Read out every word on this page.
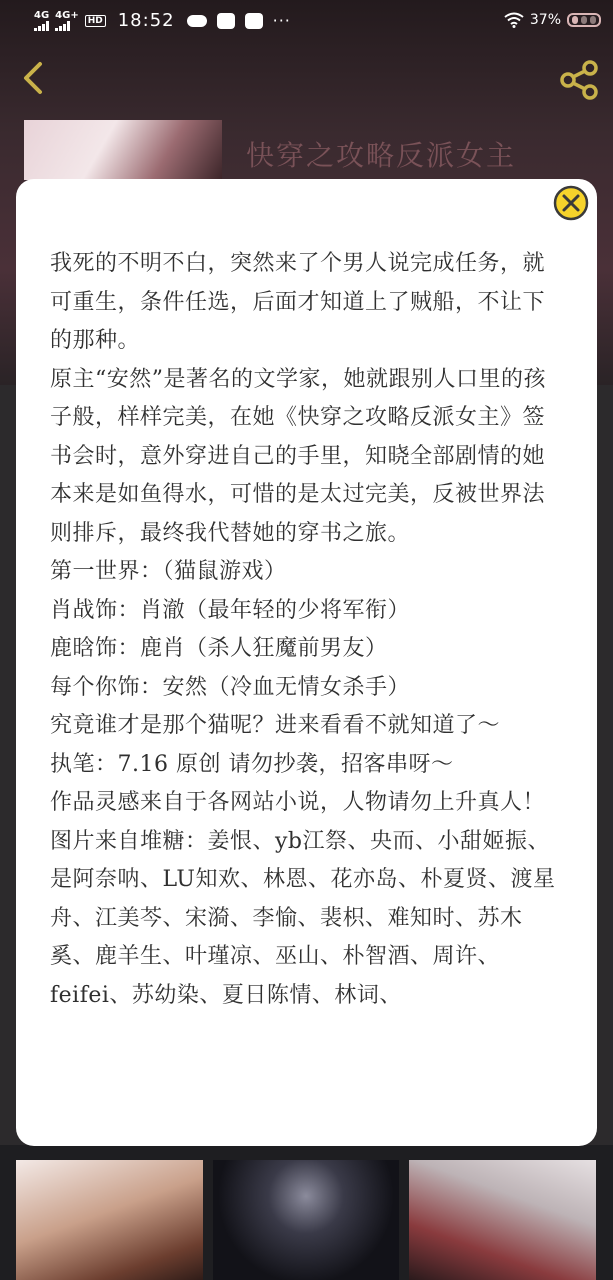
4G 4G+	HD 18:52	···	37%
快穿之攻略反派女主

我死的不明不白，突然来了个男人说完成任务，就可重生，条件任选，后面才知道上了贼船，不让下的那种。

原主“安然”是著名的文学家，她就跟别人口里的孩子般，样样完美，在她《快穿之攻略反派女主》签书会时，意外穿进自己的手里，知晓全部剧情的她本来是如鱼得水，可惜的是太过完美，反被世界法则排斥，最终我代替她的穿书之旅。

第一世界：（猫鼠游戏）

肖战饰：肖澈（最年轻的少将军衔）

鹿晗饰：鹿肖（杀人狂魔前男友）

每个你饰：安然（冷血无情女杀手）

究竟谁才是那个猫呢？进来看看不就知道了～

执笔：7.16 原创 请勿抄袭，招客串呀～

作品灵感来自于各网站小说，人物请勿上升真人！

图片来自堆糖：姜恨、yb江祭、央而、小甜姬振、是阿奈呐、LU知欢、林恩、花亦岛、朴夏贤、渡星舟、江美芩、宋漪、李愉、裴枳、难知时、苏木奚、鹿羊生、叶瑾凉、巫山、朴智酒、周许、feifei、苏幼染、夏日陈情、林词、
